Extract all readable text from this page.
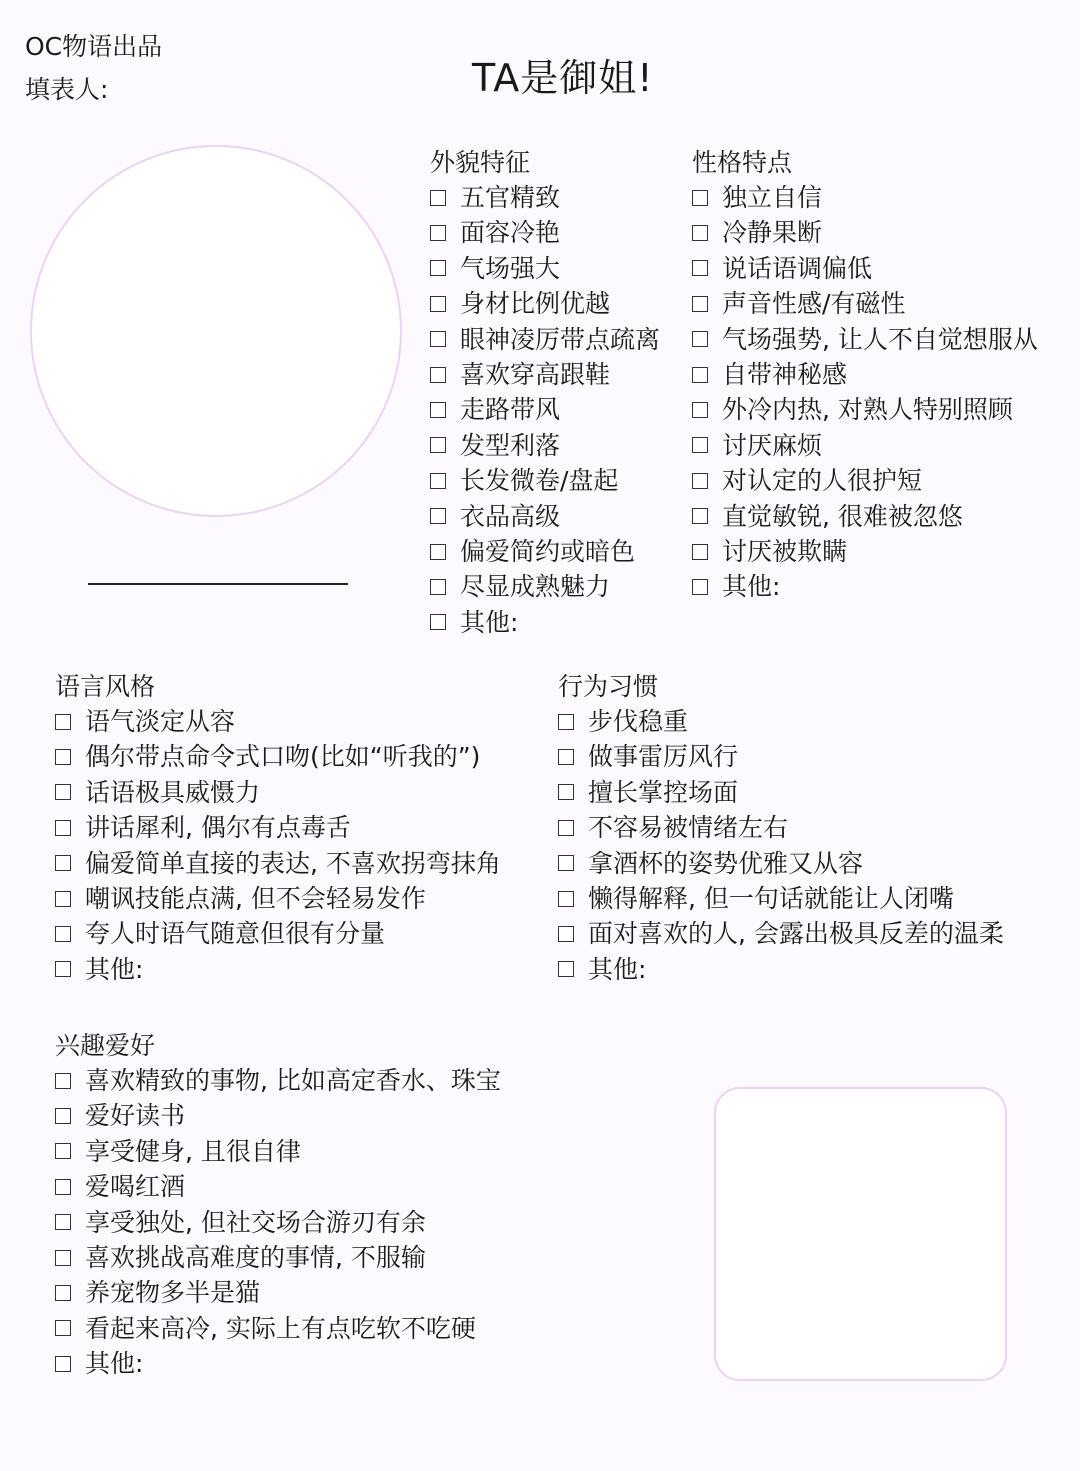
OC物语出品
填表人:	TA是御姐!
外貌特征
五官精致
面容冷艳
气场强大
身材比例优越
眼神凌厉带点疏离
喜欢穿高跟鞋
走路带风
发型利落
长发微卷/盘起
衣品高级
偏爱简约或暗色
尽显成熟魅力
其他:
性格特点
独立自信
冷静果断
说话语调偏低
声音性感/有磁性
气场强势, 让人不自觉想服从
自带神秘感
外冷内热, 对熟人特别照顾
讨厌麻烦
对认定的人很护短
直觉敏锐, 很难被忽悠
讨厌被欺瞒
其他:
语言风格
语气淡定从容
偶尔带点命令式口吻(比如“听我的”)
话语极具威慑力
讲话犀利, 偶尔有点毒舌
偏爱简单直接的表达, 不喜欢拐弯抹角
嘲讽技能点满, 但不会轻易发作
夸人时语气随意但很有分量
其他:
行为习惯
步伐稳重
做事雷厉风行
擅长掌控场面
不容易被情绪左右
拿酒杯的姿势优雅又从容
懒得解释, 但一句话就能让人闭嘴
面对喜欢的人, 会露出极具反差的温柔
其他:
兴趣爱好
喜欢精致的事物, 比如高定香水、珠宝
爱好读书
享受健身, 且很自律
爱喝红酒
享受独处, 但社交场合游刃有余
喜欢挑战高难度的事情, 不服输
养宠物多半是猫
看起来高冷, 实际上有点吃软不吃硬
其他:
